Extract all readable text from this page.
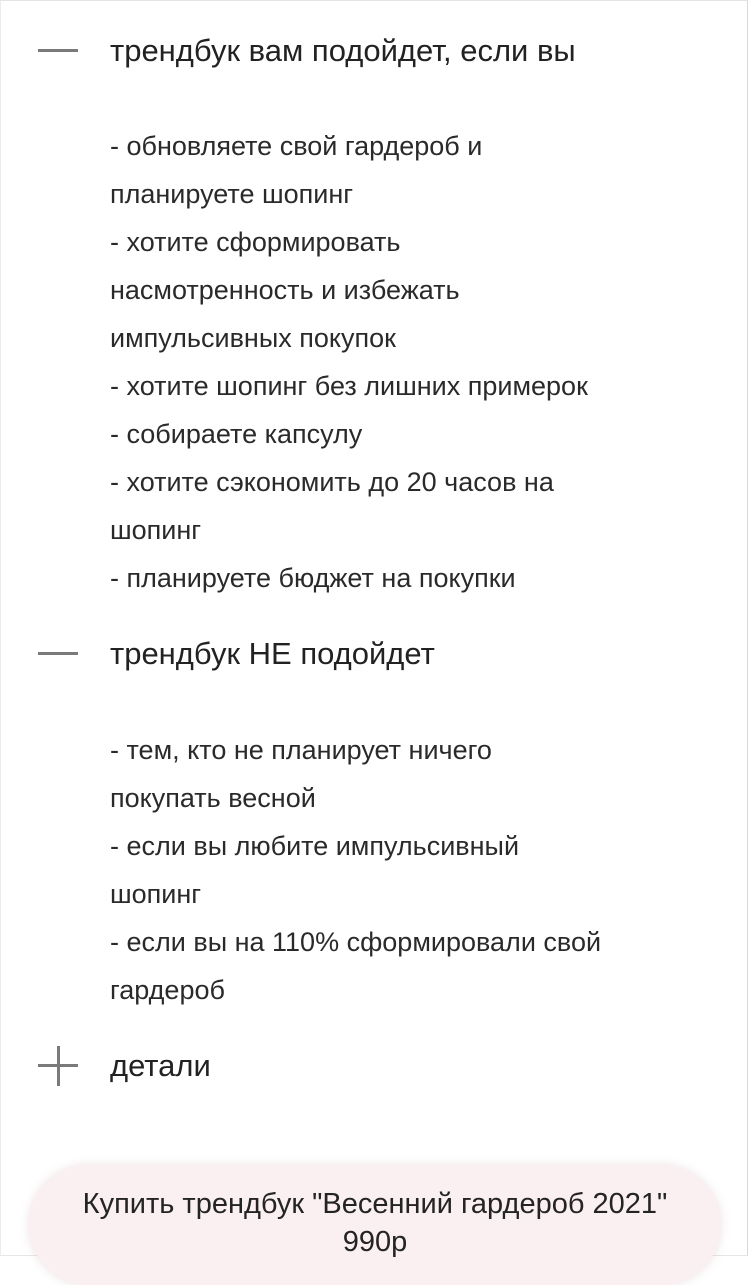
трендбук вам подойдет, если вы
- обновляете свой гардероб и
планируете шопинг
- хотите сформировать
насмотренность и избежать
импульсивных покупок
- хотите шопинг без лишних примерок
- собираете капсулу
- хотите сэкономить до 20 часов на
шопинг
- планируете бюджет на покупки
трендбук НЕ подойдет
- тем, кто не планирует ничего
покупать весной
- если вы любите импульсивный
шопинг
- если вы на 110% сформировали свой
гардероб
детали
Купить трендбук "Весенний гардероб 2021" 990р
